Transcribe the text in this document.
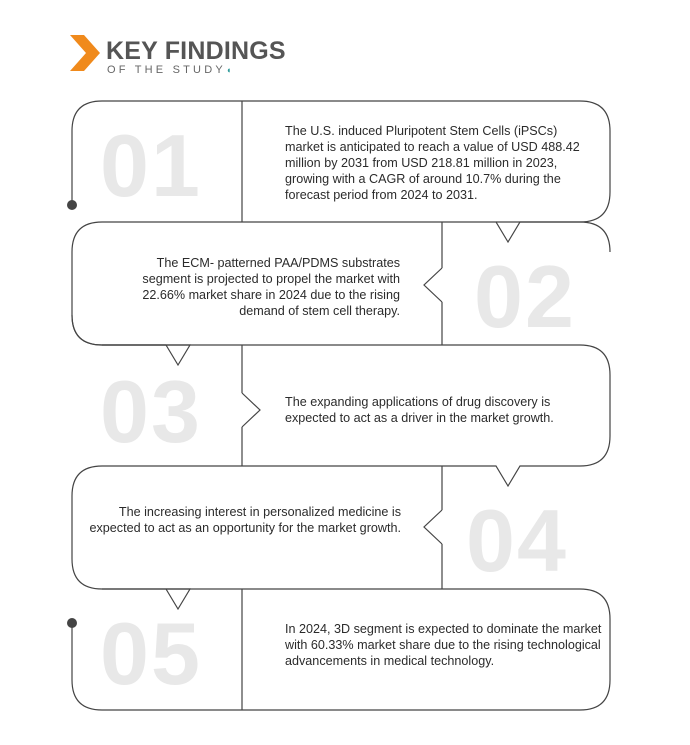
KEY FINDINGS
OF THE STUDY◖
01
02
03
04
05
The U.S. induced Pluripotent Stem Cells (iPSCs) market is anticipated to reach a value of USD 488.42 million by 2031 from USD 218.81 million in 2023, growing with a CAGR of around 10.7% during the forecast period from 2024 to 2031.
The ECM- patterned PAA/PDMS substrates segment is projected to propel the market with 22.66% market share in 2024 due to the rising demand of stem cell therapy.
The expanding applications of drug discovery is expected to act as a driver in the market growth.
The increasing interest in personalized medicine is expected to act as an opportunity for the market growth.
In 2024, 3D segment is expected to dominate the market with 60.33% market share due to the rising technological advancements in medical technology.
